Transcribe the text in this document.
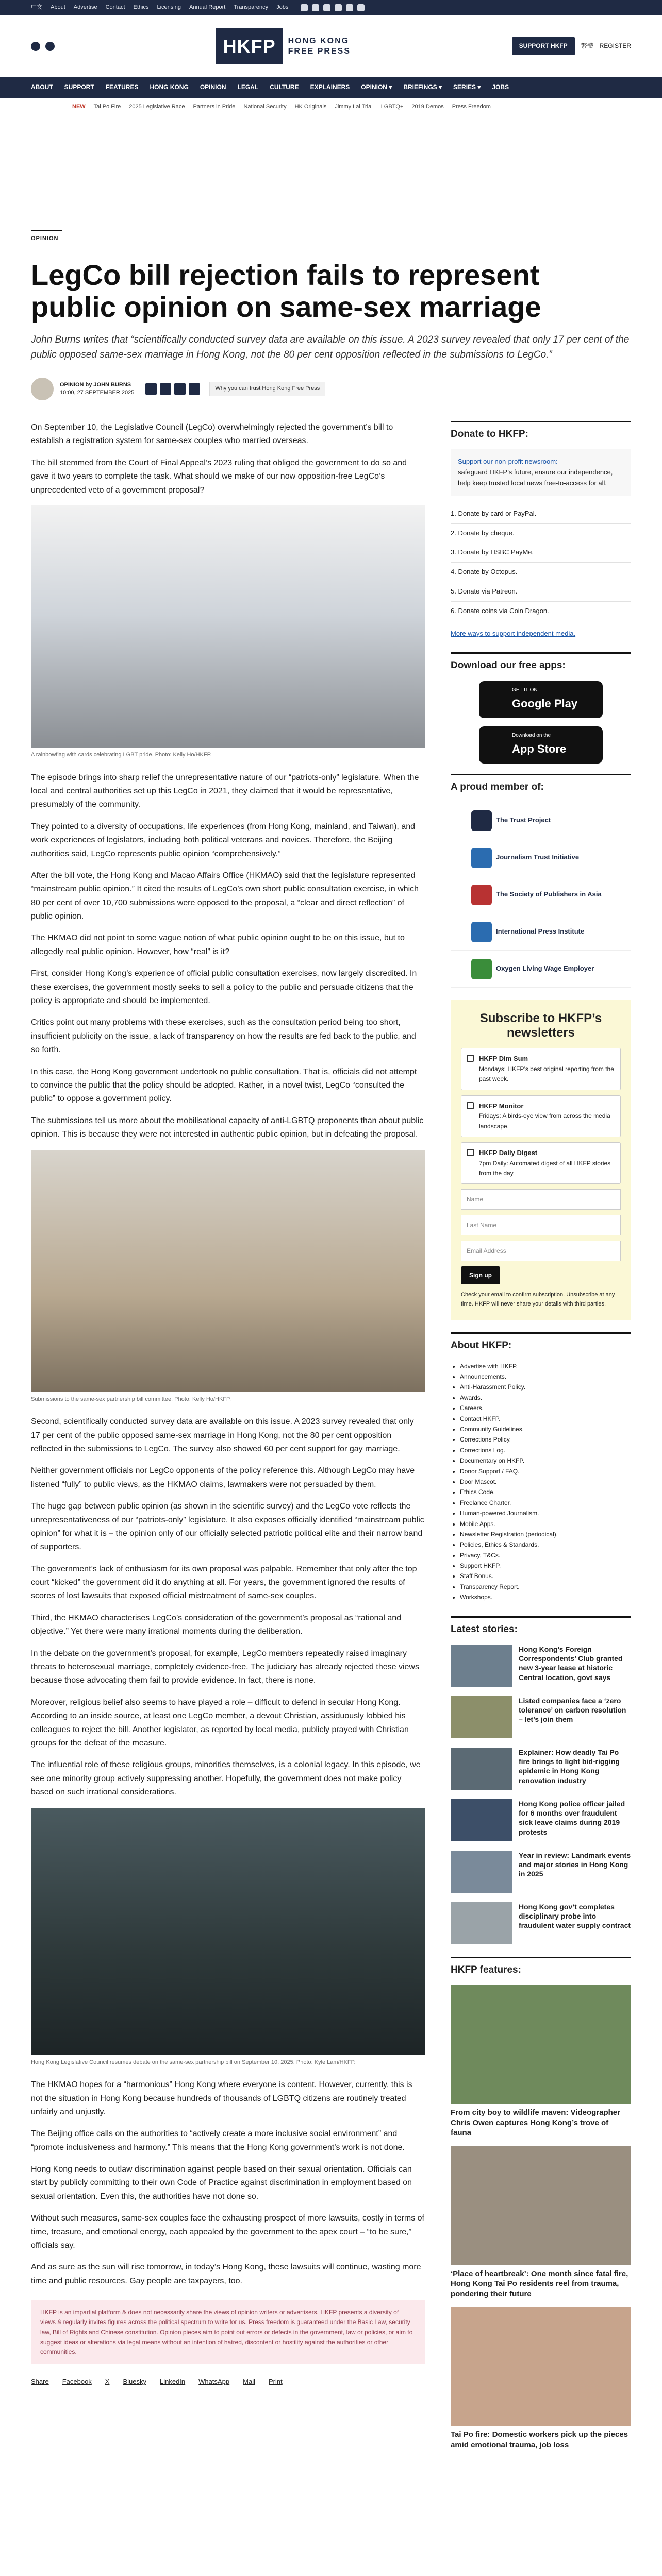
中文 About Advertise Contact Ethics Licensing Annual Report Transparency Jobs
HKFP	HONG KONG
FREE PRESS
SUPPORT HKFP	繁體 REGISTER
ABOUT SUPPORT FEATURES HONG KONG OPINION LEGAL CULTURE EXPLAINERS OPINION ▾ BRIEFINGS ▾ SERIES ▾ JOBS
NEW Tai Po Fire 2025 Legislative Race Partners in Pride National Security HK Originals Jimmy Lai Trial LGBTQ+ 2019 Demos Press Freedom
OPINION
LegCo bill rejection fails to represent public opinion on same-sex marriage

John Burns writes that “scientifically conducted survey data are available on this issue. A 2023 survey revealed that only 17 per cent of the public opposed same-sex marriage in Hong Kong, not the 80 per cent opposition reflected in the submissions to LegCo.”

OPINION by JOHN BURNS
10:00, 27 SEPTEMBER 2025
Why you can trust Hong Kong Free Press

On September 10, the Legislative Council (LegCo) overwhelmingly rejected the government’s bill to establish a registration system for same-sex couples who married overseas.

The bill stemmed from the Court of Final Appeal’s 2023 ruling that obliged the government to do so and gave it two years to complete the task. What should we make of our now opposition-free LegCo’s unprecedented veto of a government proposal?

A rainbowflag with cards celebrating LGBT pride. Photo: Kelly Ho/HKFP.

The episode brings into sharp relief the unrepresentative nature of our “patriots-only” legislature. When the local and central authorities set up this LegCo in 2021, they claimed that it would be representative, presumably of the community.

They pointed to a diversity of occupations, life experiences (from Hong Kong, mainland, and Taiwan), and work experiences of legislators, including both political veterans and novices. Therefore, the Beijing authorities said, LegCo represents public opinion “comprehensively.”

After the bill vote, the Hong Kong and Macao Affairs Office (HKMAO) said that the legislature represented “mainstream public opinion.” It cited the results of LegCo’s own short public consultation exercise, in which 80 per cent of over 10,700 submissions were opposed to the proposal, a “clear and direct reflection” of public opinion.

The HKMAO did not point to some vague notion of what public opinion ought to be on this issue, but to allegedly real public opinion. However, how “real” is it?

First, consider Hong Kong’s experience of official public consultation exercises, now largely discredited. In these exercises, the government mostly seeks to sell a policy to the public and persuade citizens that the policy is appropriate and should be implemented.

Critics point out many problems with these exercises, such as the consultation period being too short, insufficient publicity on the issue, a lack of transparency on how the results are fed back to the public, and so forth.

In this case, the Hong Kong government undertook no public consultation. That is, officials did not attempt to convince the public that the policy should be adopted. Rather, in a novel twist, LegCo “consulted the public” to oppose a government policy.

The submissions tell us more about the mobilisational capacity of anti-LGBTQ proponents than about public opinion. This is because they were not interested in authentic public opinion, but in defeating the proposal.

Submissions to the same-sex partnership bill committee. Photo: Kelly Ho/HKFP.

Second, scientifically conducted survey data are available on this issue. A 2023 survey revealed that only 17 per cent of the public opposed same-sex marriage in Hong Kong, not the 80 per cent opposition reflected in the submissions to LegCo. The survey also showed 60 per cent support for gay marriage.

Neither government officials nor LegCo opponents of the policy reference this. Although LegCo may have listened “fully” to public views, as the HKMAO claims, lawmakers were not persuaded by them.

The huge gap between public opinion (as shown in the scientific survey) and the LegCo vote reflects the unrepresentativeness of our “patriots-only” legislature. It also exposes officially identified “mainstream public opinion” for what it is – the opinion only of our officially selected patriotic political elite and their narrow band of supporters.

The government’s lack of enthusiasm for its own proposal was palpable. Remember that only after the top court “kicked” the government did it do anything at all. For years, the government ignored the results of scores of lost lawsuits that exposed official mistreatment of same-sex couples.

Third, the HKMAO characterises LegCo’s consideration of the government’s proposal as “rational and objective.” Yet there were many irrational moments during the deliberation.

In the debate on the government’s proposal, for example, LegCo members repeatedly raised imaginary threats to heterosexual marriage, completely evidence-free. The judiciary has already rejected these views because those advocating them fail to provide evidence. In fact, there is none.

Moreover, religious belief also seems to have played a role – difficult to defend in secular Hong Kong. According to an inside source, at least one LegCo member, a devout Christian, assiduously lobbied his colleagues to reject the bill. Another legislator, as reported by local media, publicly prayed with Christian groups for the defeat of the measure.

The influential role of these religious groups, minorities themselves, is a colonial legacy. In this episode, we see one minority group actively suppressing another. Hopefully, the government does not make policy based on such irrational considerations.

Hong Kong Legislative Council resumes debate on the same-sex partnership bill on September 10, 2025. Photo: Kyle Lam/HKFP.

The HKMAO hopes for a “harmonious” Hong Kong where everyone is content. However, currently, this is not the situation in Hong Kong because hundreds of thousands of LGBTQ citizens are routinely treated unfairly and unjustly.

The Beijing office calls on the authorities to “actively create a more inclusive social environment” and “promote inclusiveness and harmony.” This means that the Hong Kong government’s work is not done.

Hong Kong needs to outlaw discrimination against people based on their sexual orientation. Officials can start by publicly committing to their own Code of Practice against discrimination in employment based on sexual orientation. Even this, the authorities have not done so.

Without such measures, same-sex couples face the exhausting prospect of more lawsuits, costly in terms of time, treasure, and emotional energy, each appealed by the government to the apex court – “to be sure,” officials say.

And as sure as the sun will rise tomorrow, in today’s Hong Kong, these lawsuits will continue, wasting more time and public resources. Gay people are taxpayers, too.

HKFP is an impartial platform & does not necessarily share the views of opinion writers or advertisers. HKFP presents a diversity of views & regularly invites figures across the political spectrum to write for us. Press freedom is guaranteed under the Basic Law, security law, Bill of Rights and Chinese constitution. Opinion pieces aim to point out errors or defects in the government, law or policies, or aim to suggest ideas or alterations via legal means without an intention of hatred, discontent or hostility against the authorities or other communities.
Share Facebook X Bluesky LinkedIn WhatsApp Mail Print
Donate to HKFP:
Support our non-profit newsroom:
safeguard HKFP’s future, ensure our independence, help keep trusted local news free-to-access for all.
1. Donate by card or PayPal.
2. Donate by cheque.
3. Donate by HSBC PayMe.
4. Donate by Octopus.
5. Donate via Patreon.
6. Donate coins via Coin Dragon.
More ways to support independent media.
Download our free apps:
GET IT ON
Google Play
Download on the
App Store
A proud member of:
The Trust Project
Journalism Trust Initiative
The Society of Publishers in Asia
International Press Institute
Oxygen Living Wage Employer
Subscribe to HKFP’s newsletters
HKFP Dim Sum
Mondays: HKFP’s best original reporting from the past week.
HKFP Monitor
Fridays: A birds-eye view from across the media landscape.
HKFP Daily Digest
7pm Daily: Automated digest of all HKFP stories from the day.
Name
Last Name
Email Address
Sign up

Check your email to confirm subscription. Unsubscribe at any time. HKFP will never share your details with third parties.

About HKFP:
• Advertise with HKFP.
• Announcements.
• Anti-Harassment Policy.
• Awards.
• Careers.
• Contact HKFP.
• Community Guidelines.
• Corrections Policy.
• Corrections Log.
• Documentary on HKFP.
• Donor Support / FAQ.
• Door Mascot.
• Ethics Code.
• Freelance Charter.
• Human-powered Journalism.
• Mobile Apps.
• Newsletter Registration (periodical).
• Policies, Ethics & Standards.
• Privacy, T&Cs.
• Support HKFP.
• Staff Bonus.
• Transparency Report.
• Workshops.
Latest stories:
Hong Kong’s Foreign Correspondents’ Club granted new 3-year lease at historic Central location, govt says
Listed companies face a ‘zero tolerance’ on carbon resolution – let’s join them
Explainer: How deadly Tai Po fire brings to light bid-rigging epidemic in Hong Kong renovation industry
Hong Kong police officer jailed for 6 months over fraudulent sick leave claims during 2019 protests
Year in review: Landmark events and major stories in Hong Kong in 2025
Hong Kong gov’t completes disciplinary probe into fraudulent water supply contract
HKFP features:
From city boy to wildlife maven: Videographer Chris Owen captures Hong Kong’s trove of fauna
‘Place of heartbreak’: One month since fatal fire, Hong Kong Tai Po residents reel from trauma, pondering their future
Tai Po fire: Domestic workers pick up the pieces amid emotional trauma, job loss
